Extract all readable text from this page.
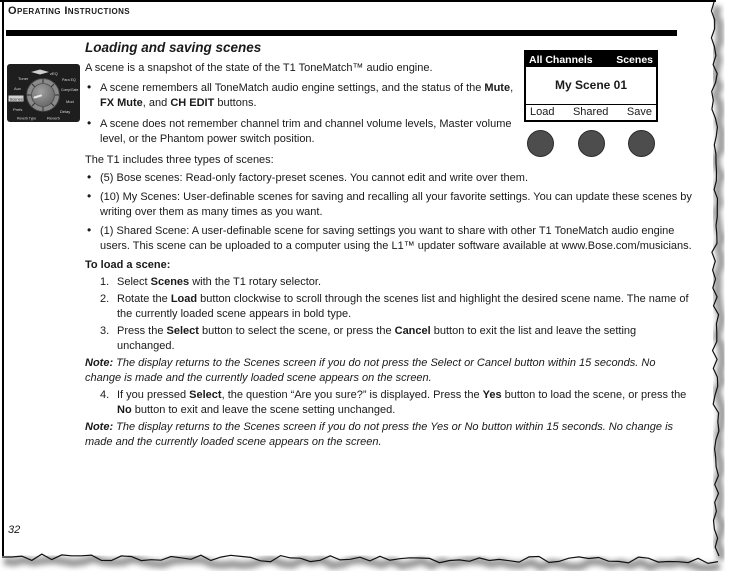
Operating Instructions
zEQ
Para EQ
Comp/Gate
Mod
Delay
Reverb
Reverb Type
Prefs
Scenes
Aux
Tuner
All Channels Scenes
My Scene 01
Load Shared Save
Loading and saving scenes

A scene is a snapshot of the state of the T1 ToneMatch™ audio engine.

• A scene remembers all ToneMatch audio engine settings, and the status of the Mute, FX Mute, and CH EDIT buttons.
• A scene does not remember channel trim and channel volume levels, Master volume level, or the Phantom power switch position.

The T1 includes three types of scenes:

• (5) Bose scenes: Read-only factory-preset scenes. You cannot edit and write over them.
• (10) My Scenes: User-definable scenes for saving and recalling all your favorite settings. You can update these scenes by writing over them as many times as you want.
• (1) Shared Scene: A user-definable scene for saving settings you want to share with other T1 ToneMatch audio engine users. This scene can be uploaded to a computer using the L1™ updater software available at www.Bose.com/musicians.

To load a scene:

1. Select Scenes with the T1 rotary selector.
2. Rotate the Load button clockwise to scroll through the scenes list and highlight the desired scene name. The name of the currently loaded scene appears in bold type.
3. Press the Select button to select the scene, or press the Cancel button to exit the list and leave the setting unchanged.

Note: The display returns to the Scenes screen if you do not press the Select or Cancel button within 15 seconds. No change is made and the currently loaded scene appears on the screen.

4. If you pressed Select, the question “Are you sure?” is displayed. Press the Yes button to load the scene, or press the No button to exit and leave the scene setting unchanged.

Note: The display returns to the Scenes screen if you do not press the Yes or No button within 15 seconds. No change is made and the currently loaded scene appears on the screen.

32
